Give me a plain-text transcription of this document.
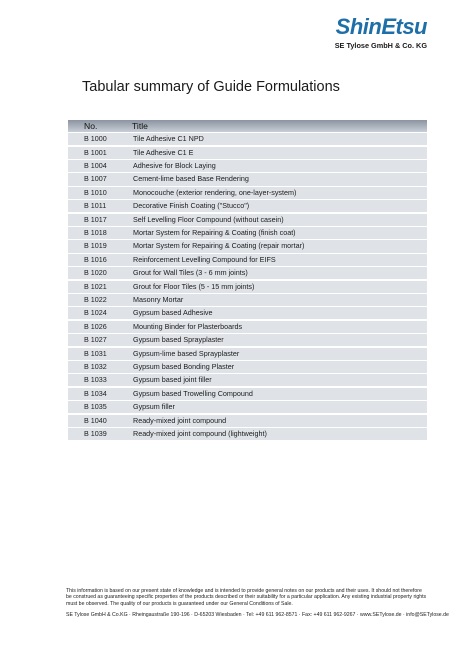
ShinEtsu
SE Tylose GmbH & Co. KG
Tabular summary of Guide Formulations
No.	Title
B 1000	Tile Adhesive C1 NPD
B 1001	Tile Adhesive C1 E
B 1004	Adhesive for Block Laying
B 1007	Cement-lime based Base Rendering
B 1010	Monocouche (exterior rendering, one-layer-system)
B 1011	Decorative Finish Coating ("Stucco")
B 1017	Self Levelling Floor Compound (without casein)
B 1018	Mortar System for Repairing & Coating (finish coat)
B 1019	Mortar System for Repairing & Coating (repair mortar)
B 1016	Reinforcement Levelling Compound for EIFS
B 1020	Grout for Wall Tiles (3 - 6 mm joints)
B 1021	Grout for Floor Tiles (5 - 15 mm joints)
B 1022	Masonry Mortar
B 1024	Gypsum based Adhesive
B 1026	Mounting Binder for Plasterboards
B 1027	Gypsum based Sprayplaster
B 1031	Gypsum-lime based Sprayplaster
B 1032	Gypsum based Bonding Plaster
B 1033	Gypsum based joint filler
B 1034	Gypsum based Trowelling Compound
B 1035	Gypsum filler
B 1040	Ready-mixed joint compound
B 1039	Ready-mixed joint compound (lightweight)
This information is based on our present state of knowledge and is intended to provide general notes on our products and their uses. It should not therefore be construed as guaranteeing specific properties of the products described or their suitability for a particular application. Any existing industrial property rights must be observed. The quality of our products is guaranteed under our General Conditions of Sale.
SE Tylose GmbH & Co.KG · Rheingaustraße 190-196 · D-65203 Wiesbaden · Tel: +49 611 962-8571 · Fax: +49 611 962-9267 · www.SETylose.de · info@SETylose.de
